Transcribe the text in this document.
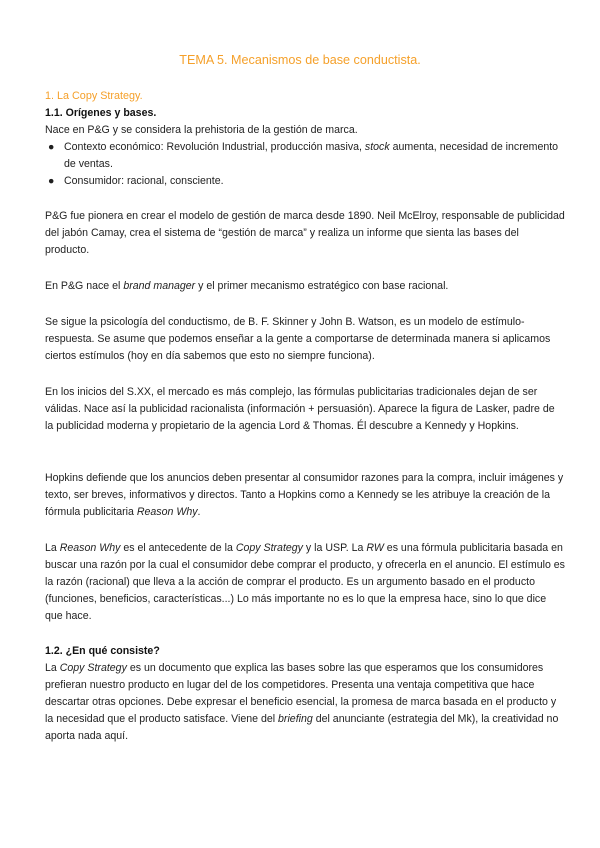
TEMA 5. Mecanismos de base conductista.

1. La Copy Strategy.

1.1. Orígenes y bases.

Nace en P&G y se considera la prehistoria de la gestión de marca.

● Contexto económico: Revolución Industrial, producción masiva, stock aumenta, necesidad de incremento de ventas.
● Consumidor: racional, consciente.

P&G fue pionera en crear el modelo de gestión de marca desde 1890. Neil McElroy, responsable de publicidad del jabón Camay, crea el sistema de “gestión de marca” y realiza un informe que sienta las bases del producto.

En P&G nace el brand manager y el primer mecanismo estratégico con base racional.

Se sigue la psicología del conductismo, de B. F. Skinner y John B. Watson, es un modelo de estímulo-respuesta. Se asume que podemos enseñar a la gente a comportarse de determinada manera si aplicamos ciertos estímulos (hoy en día sabemos que esto no siempre funciona).

En los inicios del S.XX, el mercado es más complejo, las fórmulas publicitarias tradicionales dejan de ser válidas. Nace así la publicidad racionalista (información + persuasión). Aparece la figura de Lasker, padre de la publicidad moderna y propietario de la agencia Lord & Thomas. Él descubre a Kennedy y Hopkins.

Hopkins defiende que los anuncios deben presentar al consumidor razones para la compra, incluir imágenes y texto, ser breves, informativos y directos. Tanto a Hopkins como a Kennedy se les atribuye la creación de la fórmula publicitaria Reason Why.

La Reason Why es el antecedente de la Copy Strategy y la USP. La RW es una fórmula publicitaria basada en buscar una razón por la cual el consumidor debe comprar el producto, y ofrecerla en el anuncio. El estímulo es la razón (racional) que lleva a la acción de comprar el producto. Es un argumento basado en el producto (funciones, beneficios, características...) Lo más importante no es lo que la empresa hace, sino lo que dice que hace.

1.2. ¿En qué consiste?

La Copy Strategy es un documento que explica las bases sobre las que esperamos que los consumidores prefieran nuestro producto en lugar del de los competidores. Presenta una ventaja competitiva que hace descartar otras opciones. Debe expresar el beneficio esencial, la promesa de marca basada en el producto y la necesidad que el producto satisface. Viene del briefing del anunciante (estrategia del Mk), la creatividad no aporta nada aquí.
